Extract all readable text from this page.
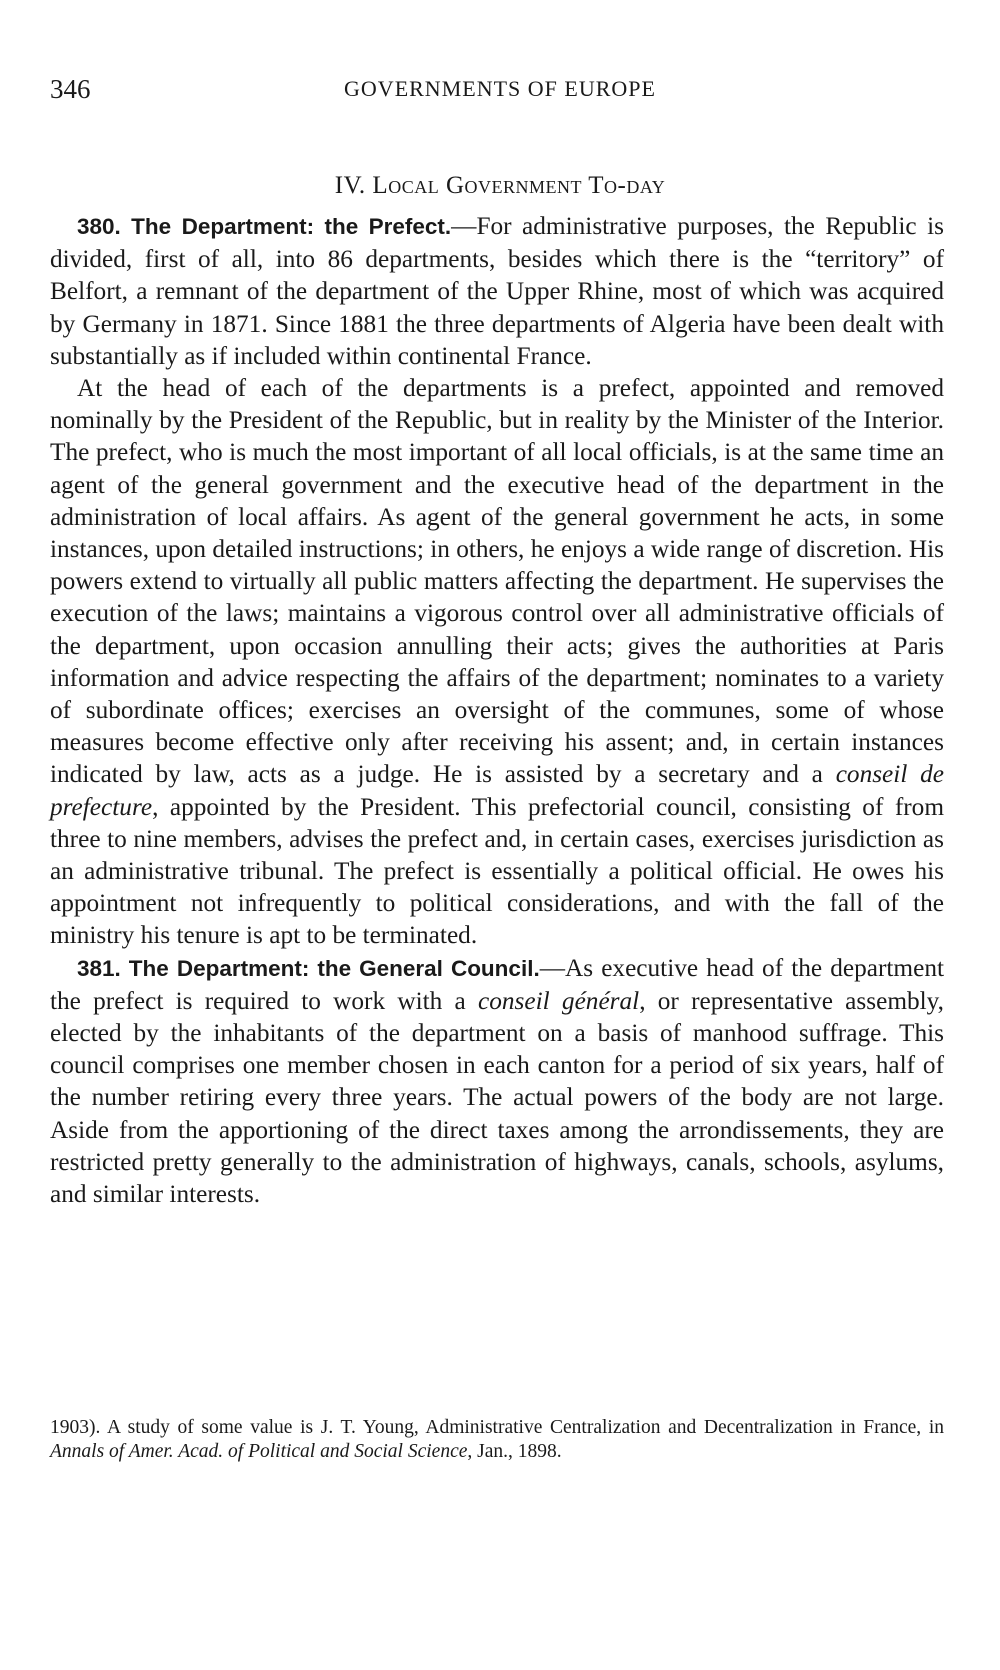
346	GOVERNMENTS OF EUROPE
IV. Local Government To-day

380. The Department: the Prefect.—For administrative purposes, the Republic is divided, first of all, into 86 departments, besides which there is the “territory” of Belfort, a remnant of the department of the Upper Rhine, most of which was acquired by Germany in 1871. Since 1881 the three departments of Algeria have been dealt with substantially as if included within continental France.

At the head of each of the departments is a prefect, appointed and removed nominally by the President of the Republic, but in reality by the Minister of the Interior. The prefect, who is much the most important of all local officials, is at the same time an agent of the general government and the executive head of the department in the administration of local affairs. As agent of the general government he acts, in some instances, upon detailed instructions; in others, he enjoys a wide range of discretion. His powers extend to virtually all public matters affecting the department. He supervises the execution of the laws; maintains a vigorous control over all administrative officials of the department, upon occasion annulling their acts; gives the authorities at Paris information and advice respecting the affairs of the department; nominates to a variety of subordinate offices; exercises an oversight of the communes, some of whose measures become effective only after receiving his assent; and, in certain instances indicated by law, acts as a judge. He is assisted by a secretary and a conseil de prefecture, appointed by the President. This prefectorial council, consisting of from three to nine members, advises the prefect and, in certain cases, exercises jurisdiction as an administrative tribunal. The prefect is essentially a political official. He owes his appointment not infrequently to political considerations, and with the fall of the ministry his tenure is apt to be terminated.

381. The Department: the General Council.—As executive head of the department the prefect is required to work with a conseil général, or representative assembly, elected by the inhabitants of the department on a basis of manhood suffrage. This council comprises one member chosen in each canton for a period of six years, half of the number retiring every three years. The actual powers of the body are not large. Aside from the apportioning of the direct taxes among the arrondissements, they are restricted pretty generally to the administration of highways, canals, schools, asylums, and similar interests.

1903). A study of some value is J. T. Young, Administrative Centralization and Decentralization in France, in Annals of Amer. Acad. of Political and Social Science, Jan., 1898.
